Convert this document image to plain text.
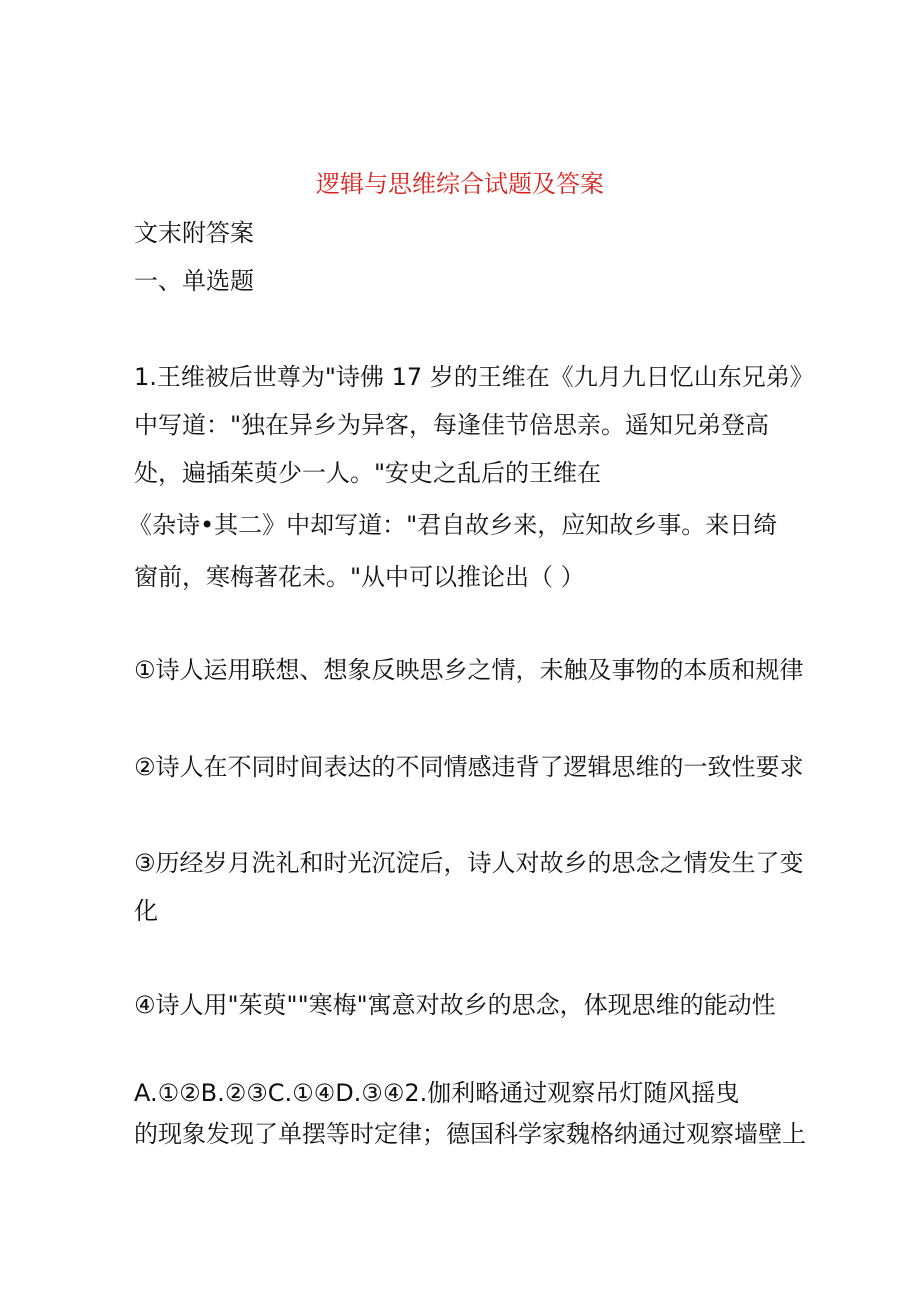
逻辑与思维综合试题及答案
文末附答案
一、单选题
1.王维被后世尊为"诗佛 17 岁的王维在《九月九日忆山东兄弟》
中写道："独在异乡为异客，每逢佳节倍思亲。遥知兄弟登高
处，遍插茱萸少一人。"安史之乱后的王维在
《杂诗•其二》中却写道："君自故乡来，应知故乡事。来日绮
窗前，寒梅著花未。"从中可以推论出（ ）
①诗人运用联想、想象反映思乡之情，未触及事物的本质和规律
②诗人在不同时间表达的不同情感违背了逻辑思维的一致性要求
③历经岁月洗礼和时光沉淀后，诗人对故乡的思念之情发生了变
化
④诗人用"茱萸""寒梅"寓意对故乡的思念，体现思维的能动性
A.①②B.②③C.①④D.③④2.伽利略通过观察吊灯随风摇曳
的现象发现了单摆等时定律；德国科学家魏格纳通过观察墙壁上
